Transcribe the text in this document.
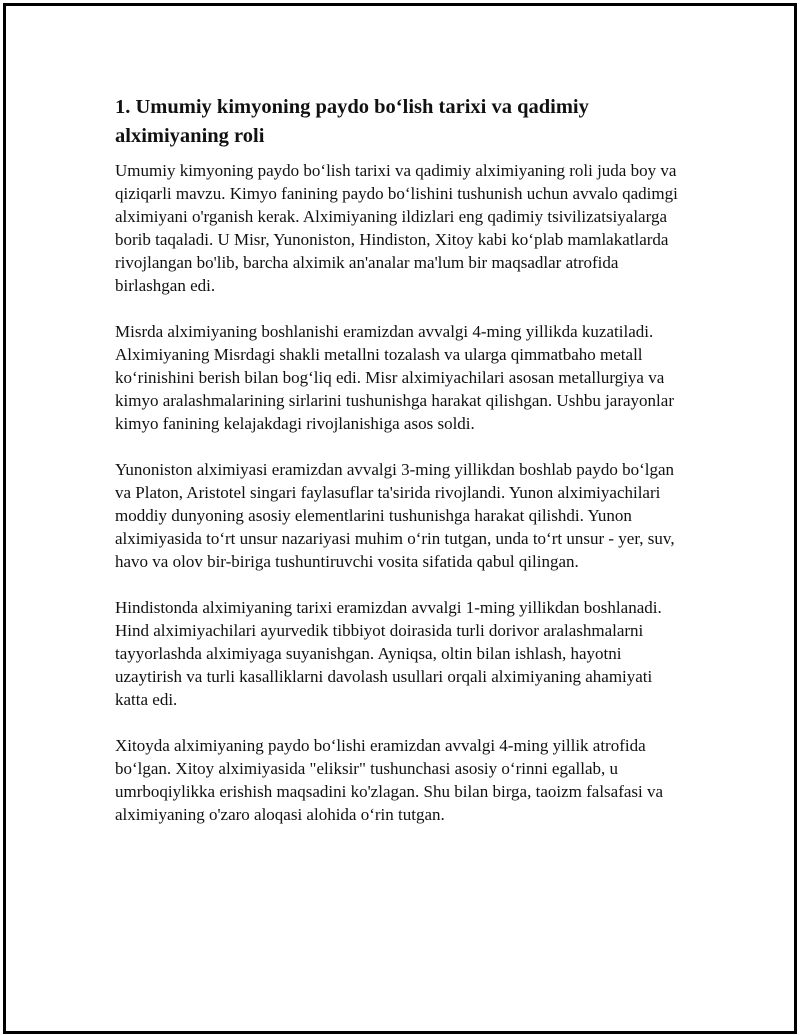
1. Umumiy kimyoning paydo bo‘lish tarixi va qadimiy alximiyaning roli

Umumiy kimyoning paydo bo‘lish tarixi va qadimiy alximiyaning roli juda boy va qiziqarli mavzu. Kimyo fanining paydo bo‘lishini tushunish uchun avvalo qadimgi alximiyani o'rganish kerak. Alximiyaning ildizlari eng qadimiy tsivilizatsiyalarga borib taqaladi. U Misr, Yunoniston, Hindiston, Xitoy kabi ko‘plab mamlakatlarda rivojlangan bo'lib, barcha alximik an'analar ma'lum bir maqsadlar atrofida birlashgan edi.

Misrda alximiyaning boshlanishi eramizdan avvalgi 4-ming yillikda kuzatiladi. Alximiyaning Misrdagi shakli metallni tozalash va ularga qimmatbaho metall ko‘rinishini berish bilan bog‘liq edi. Misr alximiyachilari asosan metallurgiya va kimyo aralashmalarining sirlarini tushunishga harakat qilishgan. Ushbu jarayonlar kimyo fanining kelajakdagi rivojlanishiga asos soldi.

Yunoniston alximiyasi eramizdan avvalgi 3-ming yillikdan boshlab paydo bo‘lgan va Platon, Aristotel singari faylasuflar ta'sirida rivojlandi. Yunon alximiyachilari moddiy dunyoning asosiy elementlarini tushunishga harakat qilishdi. Yunon alximiyasida to‘rt unsur nazariyasi muhim o‘rin tutgan, unda to‘rt unsur - yer, suv, havo va olov bir-biriga tushuntiruvchi vosita sifatida qabul qilingan.

Hindistonda alximiyaning tarixi eramizdan avvalgi 1-ming yillikdan boshlanadi. Hind alximiyachilari ayurvedik tibbiyot doirasida turli dorivor aralashmalarni tayyorlashda alximiyaga suyanishgan. Ayniqsa, oltin bilan ishlash, hayotni uzaytirish va turli kasalliklarni davolash usullari orqali alximiyaning ahamiyati katta edi.

Xitoyda alximiyaning paydo bo‘lishi eramizdan avvalgi 4-ming yillik atrofida bo‘lgan. Xitoy alximiyasida "eliksir" tushunchasi asosiy o‘rinni egallab, u umrboqiylikka erishish maqsadini ko'zlagan. Shu bilan birga, taoizm falsafasi va alximiyaning o'zaro aloqasi alohida o‘rin tutgan.
